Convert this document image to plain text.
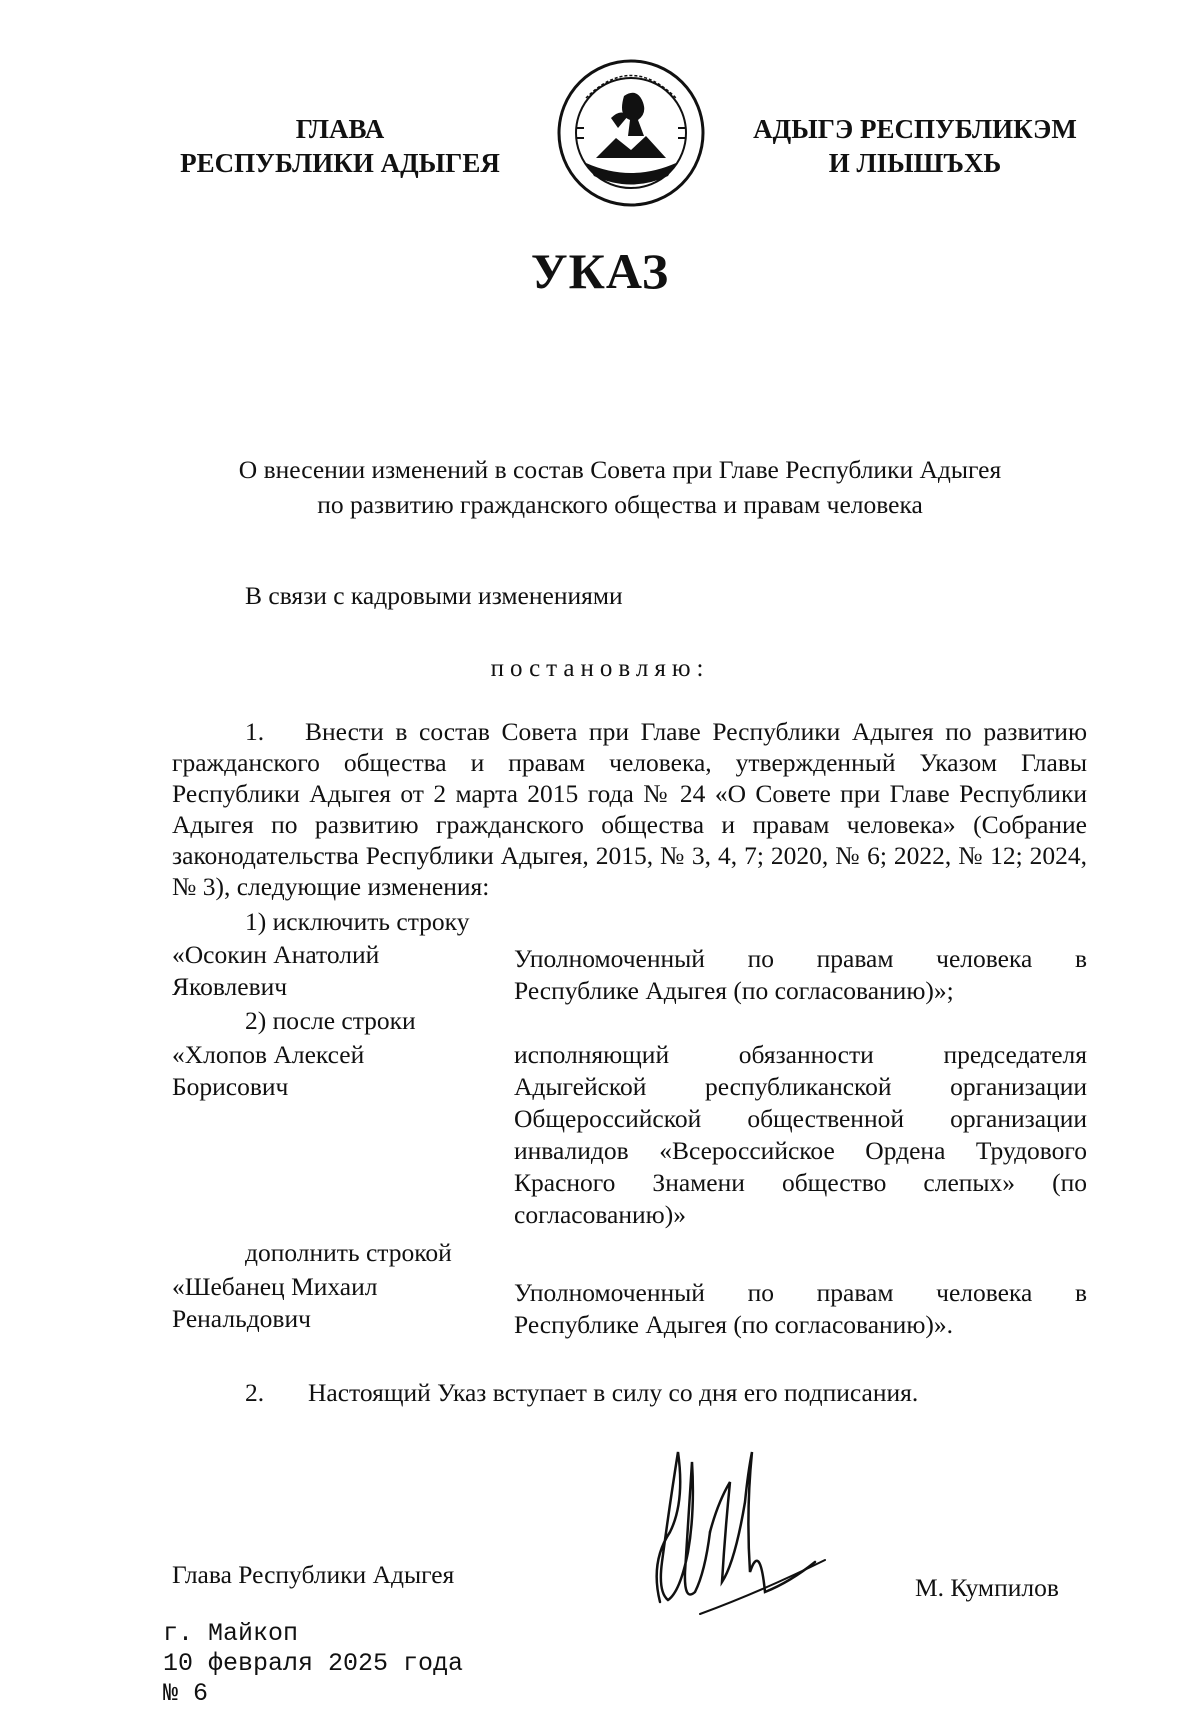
ГЛАВА
РЕСПУБЛИКИ АДЫГЕЯ
АДЫГЭ РЕСПУБЛИКЭМ
И ЛІЫШЪХЬ
УКАЗ
О внесении изменений в состав Совета при Главе Республики Адыгея
по развитию гражданского общества и правам человека
В связи с кадровыми изменениями
постановляю:
1. Внести в состав Совета при Главе Республики Адыгея по развитию гражданского общества и правам человека, утвержденный Указом Главы Республики Адыгея от 2 марта 2015 года № 24 «О Совете при Главе Республики Адыгея по развитию гражданского общества и правам человека» (Собрание законодательства Республики Адыгея, 2015, № 3, 4, 7; 2020, № 6; 2022, № 12; 2024, № 3), следующие изменения:
1) исключить строку
«Осокин Анатолий
Яковлевич
Уполномоченный по правам человека в
Республике Адыгея (по согласованию)»;
2) после строки
«Хлопов Алексей
Борисович
исполняющий обязанности председателя Адыгейской республиканской организации Общероссийской общественной организации инвалидов «Всероссийское Ордена Трудового Красного Знамени общество слепых» (по согласованию)»
дополнить строкой
«Шебанец Михаил
Ренальдович
Уполномоченный по правам человека в
Республике Адыгея (по согласованию)».
2. Настоящий Указ вступает в силу со дня его подписания.
Глава Республики Адыгея	М. Кумпилов
г. Майкоп
10 февраля 2025 года
№ 6
